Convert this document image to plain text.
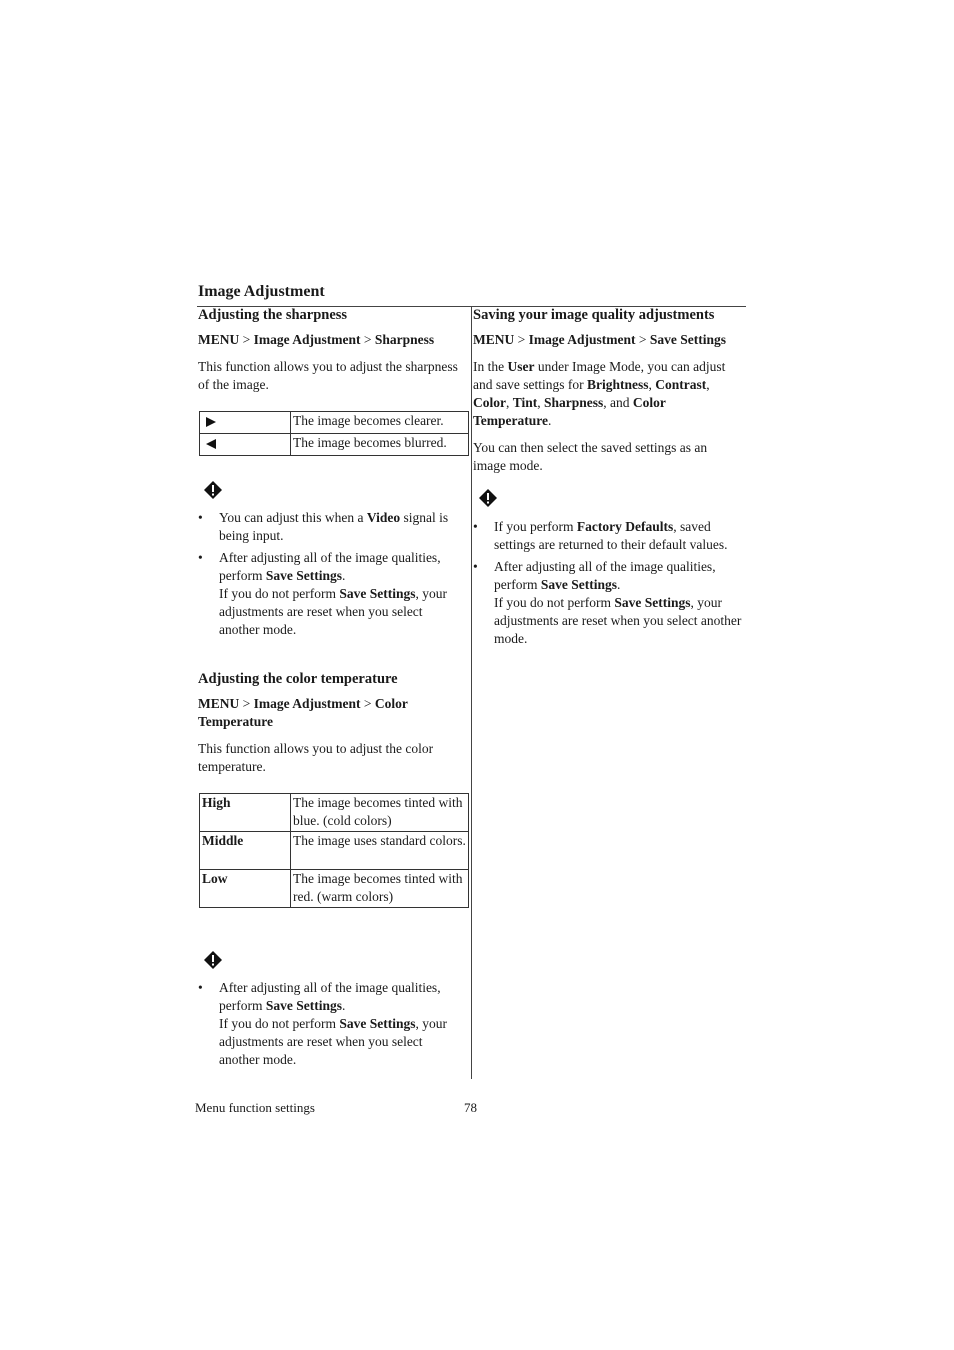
Image Adjustment
Adjusting the sharpness
MENU > Image Adjustment > Sharpness
This function allows you to adjust the sharpness of the image.
	The image becomes clearer.
	The image becomes blurred.
• You can adjust this when a Video signal is being input.
• After adjusting all of the image qualities, perform Save Settings.
If you do not perform Save Settings, your adjustments are reset when you select another mode.
Adjusting the color temperature
MENU > Image Adjustment > Color Temperature
This function allows you to adjust the color temperature.
High	The image becomes tinted with blue. (cold colors)
Middle	The image uses standard colors.
Low	The image becomes tinted with red. (warm colors)
• After adjusting all of the image qualities, perform Save Settings.
If you do not perform Save Settings, your adjustments are reset when you select another mode.
Saving your image quality adjustments
MENU > Image Adjustment > Save Settings
In the User under Image Mode, you can adjust and save settings for Brightness, Contrast, Color, Tint, Sharpness, and Color Temperature.
You can then select the saved settings as an image mode.
• If you perform Factory Defaults, saved settings are returned to their default values.
• After adjusting all of the image qualities, perform Save Settings.
If you do not perform Save Settings, your adjustments are reset when you select another mode.
Menu function settings	78
